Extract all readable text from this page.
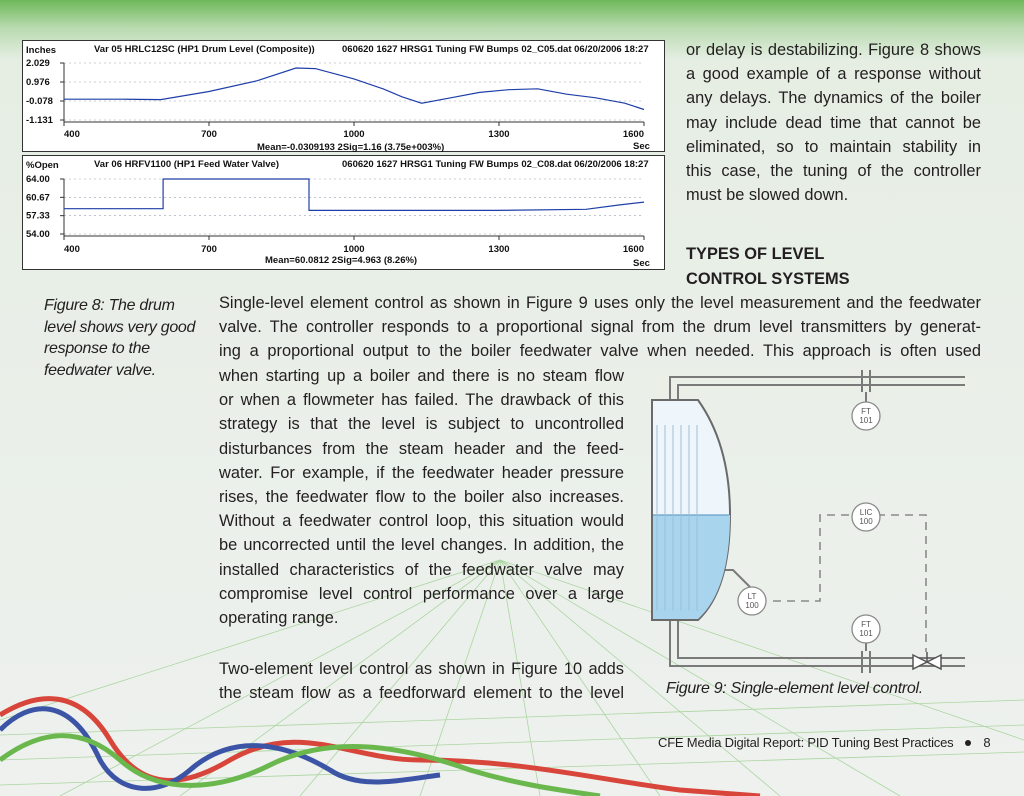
Inches	Var 05 HRLC12SC (HP1 Drum Level (Composite))	060620 1627 HRSG1 Tuning FW Bumps 02_C05.dat 06/20/2006 18:27
2.029
0.976
-0.078
-1.131
400	700	1000	1300	1600
Mean=-0.0309193 2Sig=1.16 (3.75e+003%)	Sec
%Open	Var 06 HRFV1100 (HP1 Feed Water Valve)	060620 1627 HRSG1 Tuning FW Bumps 02_C08.dat 06/20/2006 18:27
64.00
60.67
57.33
54.00
400	700	1000	1300	1600
Mean=60.0812 2Sig=4.963 (8.26%)	Sec
or delay is destabilizing. Figure 8 shows
a good example of a response without
any delays. The dynamics of the boiler
may include dead time that cannot be
eliminated, so to maintain stability in
this case, the tuning of the controller
must be slowed down.
TYPES OF LEVEL
CONTROL SYSTEMS
Figure 8: The drum level shows very good response to the feedwater valve.
Single-level element control as shown in Figure 9 uses only the level measurement and the feedwater
valve. The controller responds to a proportional signal from the drum level transmitters by generat-
ing a proportional output to the boiler feedwater valve when needed. This approach is often used
when starting up a boiler and there is no steam flow
or when a flowmeter has failed. The drawback of this
strategy is that the level is subject to uncontrolled
disturbances from the steam header and the feed-
water. For example, if the feedwater header pressure
rises, the feedwater flow to the boiler also increases.
Without a feedwater control loop, this situation would
be uncorrected until the level changes. In addition, the
installed characteristics of the feedwater valve may
compromise level control performance over a large
operating range.
Two-element level control as shown in Figure 10 adds
the steam flow as a feedforward element to the level
FT
101
LIC
100
LT
100
FT
101
Figure 9: Single-element level control.
CFE Media Digital Report: PID Tuning Best Practices 8
